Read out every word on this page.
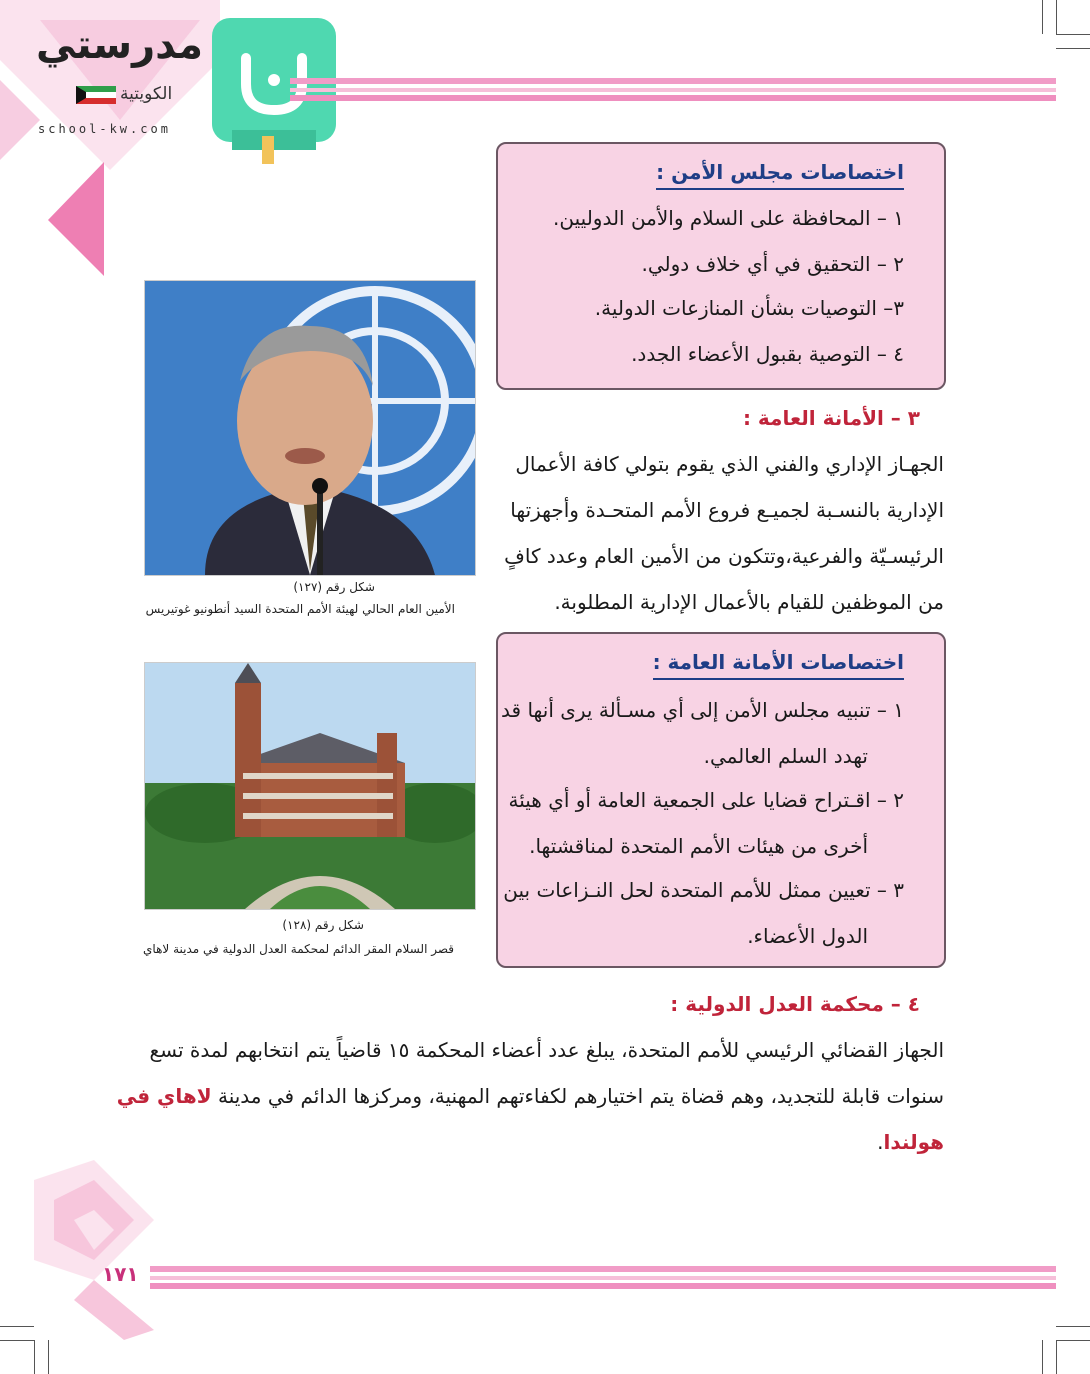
مدرستي
الكويتية
school-kw.com
اختصاصات مجلس الأمن :
١ – المحافظة على السلام والأمن الدوليين.
٢ – التحقيق في أي خلاف دولي.
٣– التوصيات بشأن المنازعات الدولية.
٤ – التوصية بقبول الأعضاء الجدد.
شكل رقم (١٢٧)
الأمين العام الحالي لهيئة الأمم المتحدة السيد أنطونيو غوتيريس
٣ – الأمانة العامة :
الجهـاز الإداري والفني الذي يقوم بتولي كافة الأعمال
الإدارية بالنسـبة لجميـع فروع الأمم المتحـدة وأجهزتها
الرئيسـيّة والفرعية،وتتكون من الأمين العام وعدد كافٍ
من الموظفين للقيام بالأعمال الإدارية المطلوبة.
اختصاصات الأمانة العامة :
١ – تنبيه مجلس الأمن إلى أي مسـألة يرى أنها قد
تهدد السلم العالمي.
٢ – اقـتراح قضايا على الجمعية العامة أو أي هيئة
أخرى من هيئات الأمم المتحدة لمناقشتها.
٣ – تعيين ممثل للأمم المتحدة لحل النـزاعات بين
الدول الأعضاء.
شكل رقم (١٢٨)
قصر السلام المقر الدائم لمحكمة العدل الدولية في مدينة لاهاي
٤ – محكمة العدل الدولية :
الجهاز القضائي الرئيسي للأمم المتحدة، يبلغ عدد أعضاء المحكمة ١٥ قاضياً يتم انتخابهم لمدة تسع
سنوات قابلة للتجديد، وهم قضاة يتم اختيارهم لكفاءتهم المهنية، ومركزها الدائم في مدينة لاهاي في
هولندا.
١٧١
